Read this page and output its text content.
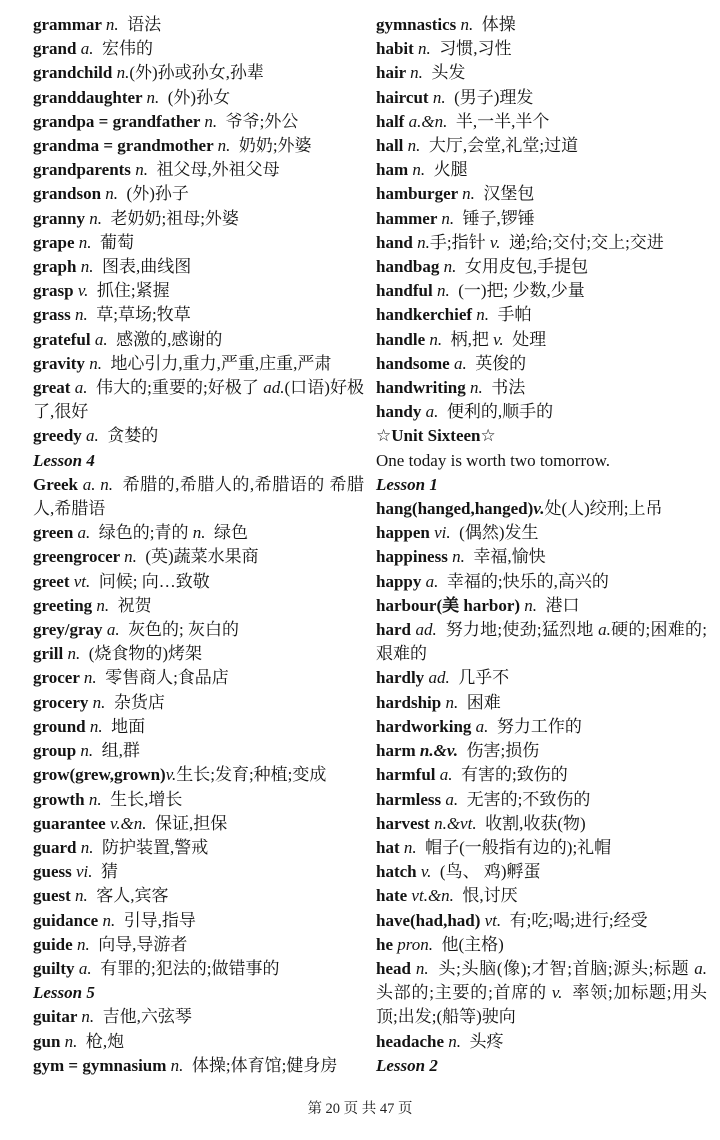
grammar n.  语法
grand a.  宏伟的
grandchild n.(外)孙或孙女,孙辈
granddaughter n.  (外)孙女
grandpa = grandfather n.  爷爷;外公
grandma = grandmother n.  奶奶;外婆
grandparents n.  祖父母,外祖父母
grandson n.  (外)孙子
granny n.  老奶奶;祖母;外婆
grape n.  葡萄
graph n.  图表,曲线图
grasp v.  抓住;紧握
grass n.  草;草场;牧草
grateful a.  感激的,感谢的
gravity n.  地心引力,重力,严重,庄重,严肃
great a.  伟大的;重要的;好极了 ad.(口语)好极了,很好
greedy a.  贪婪的
Lesson 4
Greek a. n.  希腊的,希腊人的,希腊语的 希腊人,希腊语
green a.  绿色的;青的 n.  绿色
greengrocer n.  (英)蔬菜水果商
greet vt.  问候; 向…致敬
greeting n.  祝贺
grey/gray a.  灰色的; 灰白的
grill n.  (烧食物的)烤架
grocer n.  零售商人;食品店
grocery n.  杂货店
ground n.  地面
group n.  组,群
grow(grew,grown)v.生长;发育;种植;变成
growth n.  生长,增长
guarantee v.&n.  保证,担保
guard n.  防护装置,警戒
guess vi.  猜
guest n.  客人,宾客
guidance n.  引导,指导
guide n.  向导,导游者
guilty a.  有罪的;犯法的;做错事的
Lesson 5
guitar n.  吉他,六弦琴
gun n.  枪,炮
gym = gymnasium n.  体操;体育馆;健身房
gymnastics n.  体操
habit n.  习惯,习性
hair n.  头发
haircut n.  (男子)理发
half a.&n.  半,一半,半个
hall n.  大厅,会堂,礼堂;过道
ham n.  火腿
hamburger n.  汉堡包
hammer n.  锤子,锣锤
hand n.手;指针 v.  递;给;交付;交上;交进
handbag n.  女用皮包,手提包
handful n.  (一)把; 少数,少量
handkerchief n.  手帕
handle n.  柄,把 v.  处理
handsome a.  英俊的
handwriting n.  书法
handy a.  便利的,顺手的
☆Unit Sixteen☆
One today is worth two tomorrow.
Lesson 1
hang(hanged,hanged)v.处(人)绞刑;上吊
happen vi.  (偶然)发生
happiness n.  幸福,愉快
happy a.  幸福的;快乐的,高兴的
harbour(美 harbor) n.  港口
hard ad.  努力地;使劲;猛烈地 a.硬的;困难的;艰难的
hardly ad.  几乎不
hardship n.  困难
hardworking a.  努力工作的
harm n.&v.  伤害;损伤
harmful a.  有害的;致伤的
harmless a.  无害的;不致伤的
harvest n.&vt.  收割,收获(物)
hat n.  帽子(一般指有边的);礼帽
hatch v.  (鸟、 鸡)孵蛋
hate vt.&n.  恨,讨厌
have(had,had) vt.  有;吃;喝;进行;经受
he pron.  他(主格)
head n.  头;头脑(像);才智;首脑;源头;标题 a.头部的;主要的;首席的 v.  率领;加标题;用头顶;出发;(船等)驶向
headache n.  头疼
Lesson 2
第 20 页 共 47 页
